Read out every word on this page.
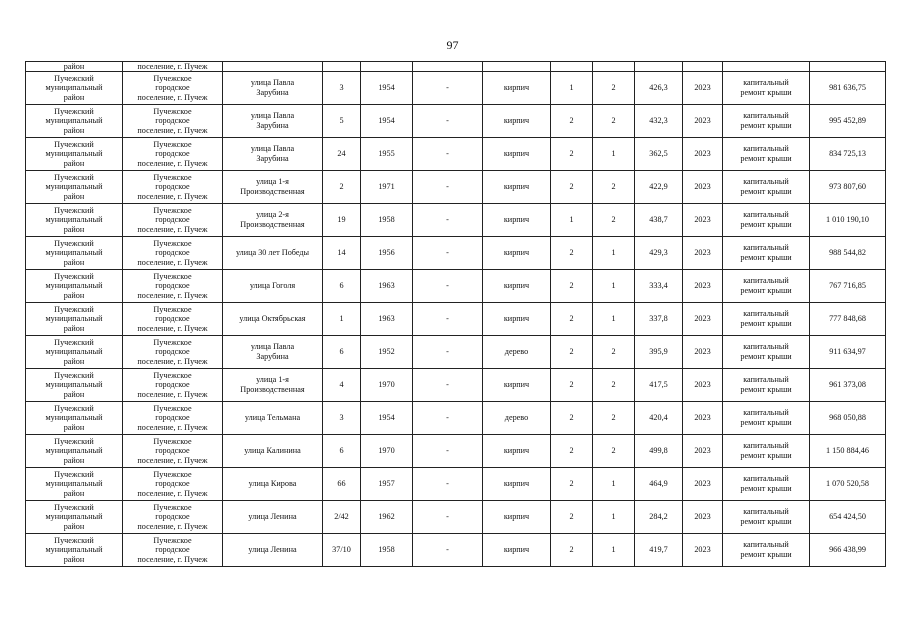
97
район	поселение, г. Пучеж											
Пучежский
муниципальный
район	Пучежское
городское
поселение, г. Пучеж	улица Павла
Зарубина	3	1954	-	кирпич	1	2	426,3	2023	капитальный
ремонт крыши	981 636,75
Пучежский
муниципальный
район	Пучежское
городское
поселение, г. Пучеж	улица Павла
Зарубина	5	1954	-	кирпич	2	2	432,3	2023	капитальный
ремонт крыши	995 452,89
Пучежский
муниципальный
район	Пучежское
городское
поселение, г. Пучеж	улица Павла
Зарубина	24	1955	-	кирпич	2	1	362,5	2023	капитальный
ремонт крыши	834 725,13
Пучежский
муниципальный
район	Пучежское
городское
поселение, г. Пучеж	улица 1-я
Производственная	2	1971	-	кирпич	2	2	422,9	2023	капитальный
ремонт крыши	973 807,60
Пучежский
муниципальный
район	Пучежское
городское
поселение, г. Пучеж	улица 2-я
Производственная	19	1958	-	кирпич	1	2	438,7	2023	капитальный
ремонт крыши	1 010 190,10
Пучежский
муниципальный
район	Пучежское
городское
поселение, г. Пучеж	улица 30 лет Победы	14	1956	-	кирпич	2	1	429,3	2023	капитальный
ремонт крыши	988 544,82
Пучежский
муниципальный
район	Пучежское
городское
поселение, г. Пучеж	улица Гоголя	6	1963	-	кирпич	2	1	333,4	2023	капитальный
ремонт крыши	767 716,85
Пучежский
муниципальный
район	Пучежское
городское
поселение, г. Пучеж	улица Октябрьская	1	1963	-	кирпич	2	1	337,8	2023	капитальный
ремонт крыши	777 848,68
Пучежский
муниципальный
район	Пучежское
городское
поселение, г. Пучеж	улица Павла
Зарубина	6	1952	-	дерево	2	2	395,9	2023	капитальный
ремонт крыши	911 634,97
Пучежский
муниципальный
район	Пучежское
городское
поселение, г. Пучеж	улица 1-я
Производственная	4	1970	-	кирпич	2	2	417,5	2023	капитальный
ремонт крыши	961 373,08
Пучежский
муниципальный
район	Пучежское
городское
поселение, г. Пучеж	улица Тельмана	3	1954	-	дерево	2	2	420,4	2023	капитальный
ремонт крыши	968 050,88
Пучежский
муниципальный
район	Пучежское
городское
поселение, г. Пучеж	улица Калинина	6	1970	-	кирпич	2	2	499,8	2023	капитальный
ремонт крыши	1 150 884,46
Пучежский
муниципальный
район	Пучежское
городское
поселение, г. Пучеж	улица Кирова	66	1957	-	кирпич	2	1	464,9	2023	капитальный
ремонт крыши	1 070 520,58
Пучежский
муниципальный
район	Пучежское
городское
поселение, г. Пучеж	улица Ленина	2/42	1962	-	кирпич	2	1	284,2	2023	капитальный
ремонт крыши	654 424,50
Пучежский
муниципальный
район	Пучежское
городское
поселение, г. Пучеж	улица Ленина	37/10	1958	-	кирпич	2	1	419,7	2023	капитальный
ремонт крыши	966 438,99
